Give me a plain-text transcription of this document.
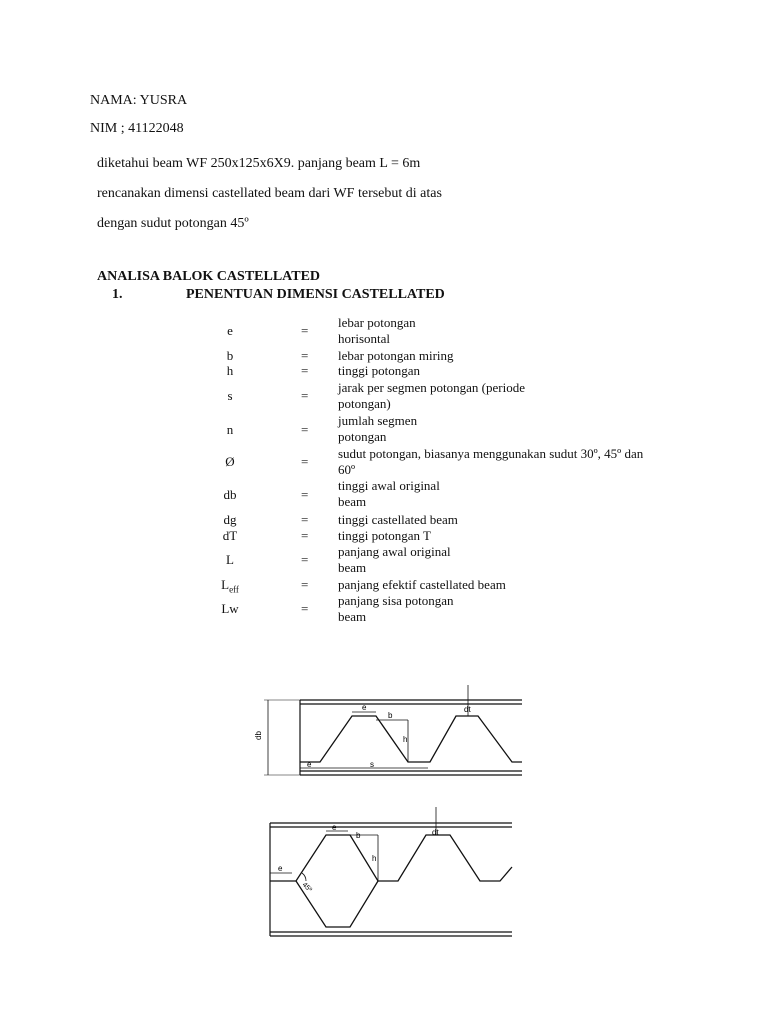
NAMA: YUSRA
NIM ; 41122048
diketahui beam WF 250x125x6X9. panjang beam L = 6m
rencanakan dimensi castellated beam dari WF tersebut di atas
dengan sudut potongan 45º
ANALISA BALOK CASTELLATED
1.	PENENTUAN DIMENSI CASTELLATED
e	=
lebar potongan
horisontal
b	= lebar potongan miring
h	= tinggi potongan
s	=
jarak per segmen potongan (periode
potongan)
n	=
jumlah segmen
potongan
Ø	=
sudut potongan, biasanya menggunakan sudut 30º, 45º dan
60º
db	=
tinggi awal original
beam
dg	= tinggi castellated beam
dT	= tinggi potongan T
L	=
panjang awal original
beam
$L_{eff}$	= panjang efektif castellated beam
Lw	=
panjang sisa potongan
beam
db
e
b
h
dt
e	s
e
e
b
h
dt
45º
